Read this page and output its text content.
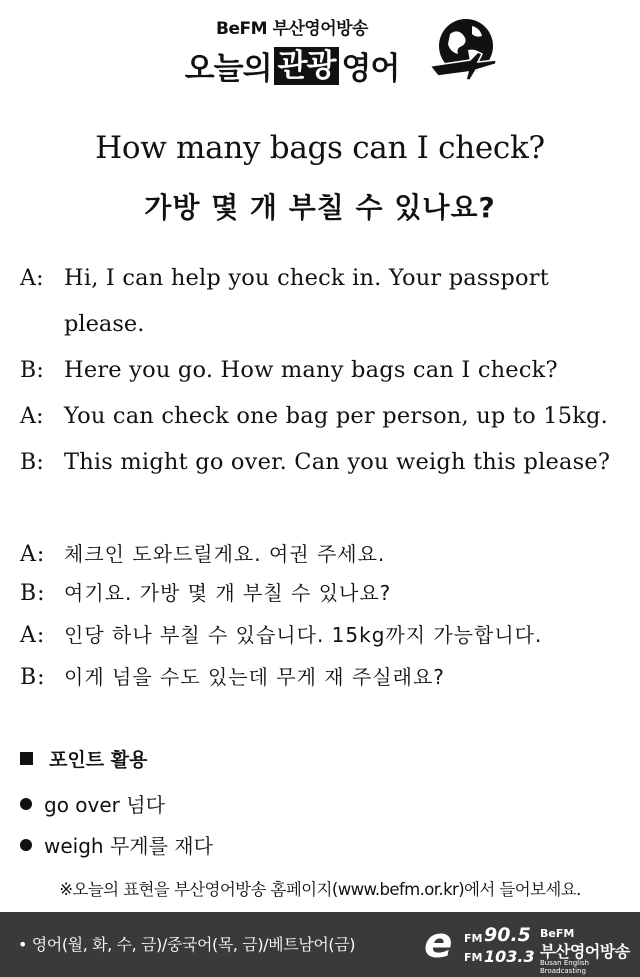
BeFM 부산영어방송
오늘의 관광 영어
How many bags can I check?
가방 몇 개 부칠 수 있나요?
A: Hi, I can help you check in. Your passport
please.
B: Here you go. How many bags can I check?
A: You can check one bag per person, up to 15kg.
B: This might go over. Can you weigh this please?
A: 체크인 도와드릴게요. 여권 주세요.
B: 여기요. 가방 몇 개 부칠 수 있나요?
A: 인당 하나 부칠 수 있습니다. 15kg까지 가능합니다.
B: 이게 넘을 수도 있는데 무게 재 주실래요?
포인트 활용
go over 넘다
weigh 무게를 재다
※오늘의 표현을 부산영어방송 홈페이지(www.befm.or.kr)에서 들어보세요.
• 영어(월, 화, 수, 금)/중국어(목, 금)/베트남어(금) e FM 90.5
FM 103.3
BeFM
부산영어방송
Busan English Broadcasting
